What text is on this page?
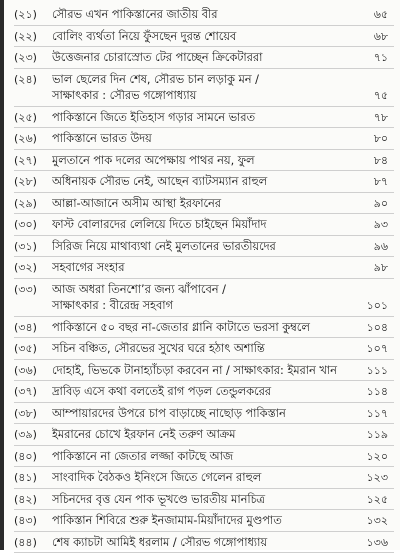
(২১)	সৌরভ এখন পাকিস্তানের জাতীয় বীর	৬৫
(২২)	বোলিং ব্যর্থতা নিয়ে ফুঁসছেন দুরন্ত শোয়েব	৬৮
(২৩)	উত্তেজনার চোরাস্রোত টের পাচ্ছেন ক্রিকেটাররা	৭১
(২৪)	ভাল ছেলের দিন শেষ, সৌরভ চান লড়াকু মন /
সাক্ষাৎকার : সৌরভ গঙ্গোপাধ্যায়	৭৫
(২৫)	পাকিস্তানে জিতে ইতিহাস গড়ার সামনে ভারত	৭৮
(২৬)	পাকিস্তানে ভারত উদয়	৮০
(২৭)	মুলতানে পাক দলের অপেক্ষায় পাথর নয়, ফুল	৮৪
(২৮)	অধিনায়ক সৌরভ নেই, আছেন ব্যাটসম্যান রাহুল	৮৭
(২৯)	আল্লা-আজানে অসীম আস্থা ইরফানের	৯০
(৩০)	ফাস্ট বোলারদের লেলিয়ে দিতে চাইছেন মিয়াঁদাদ	৯৩
(৩১)	সিরিজ নিয়ে মাথাব্যথা নেই মুলতানের ভারতীয়দের	৯৬
(৩২)	সহবাগের সংহার	৯৮
(৩৩)	আজ অধরা তিনশো’র জন্য ঝাঁপাবেন /
সাক্ষাৎকার : বীরেন্দ্র সহবাগ	১০১
(৩৪)	পাকিস্তানে ৫০ বছর না-জেতার গ্লানি কাটাতে ভরসা কুম্বলে	১০৪
(৩৫)	সচিন বঞ্চিত, সৌরভের সুখের ঘরে হঠাৎ অশান্তি	১০৭
(৩৬)	দোহাই, ভিভকে টানাহ্যাঁচড়া করবেন না / সাক্ষাৎকার: ইমরান খান	১১১
(৩৭)	দ্রাবিড় এসে কথা বলতেই রাগ পড়ল তেন্ডুলকরের	১১৪
(৩৮)	আম্পায়ারদের উপরে চাপ বাড়াচ্ছে নাছোড় পাকিস্তান	১১৭
(৩৯)	ইমরানের চোখে ইরফান নেই তরুণ আক্রম	১১৯
(৪০)	পাকিস্তানে না জেতার লজ্জা কাটছে আজ	১২০
(৪১)	সাংবাদিক বৈঠকও ইনিংসে জিতে গেলেন রাহুল	১২৩
(৪২)	সচিনদের বৃত্ত যেন পাক ভূখণ্ডে ভারতীয় মানচিত্র	১২৫
(৪৩)	পাকিস্তান শিবিরে শুরু ইনজামাম-মিয়াঁদাদের মুণ্ডপাত	১৩২
(৪৪)	শেষ ক্যাচটা আমিই ধরলাম / সৌরভ গঙ্গোপাধ্যায়	১৩৬
